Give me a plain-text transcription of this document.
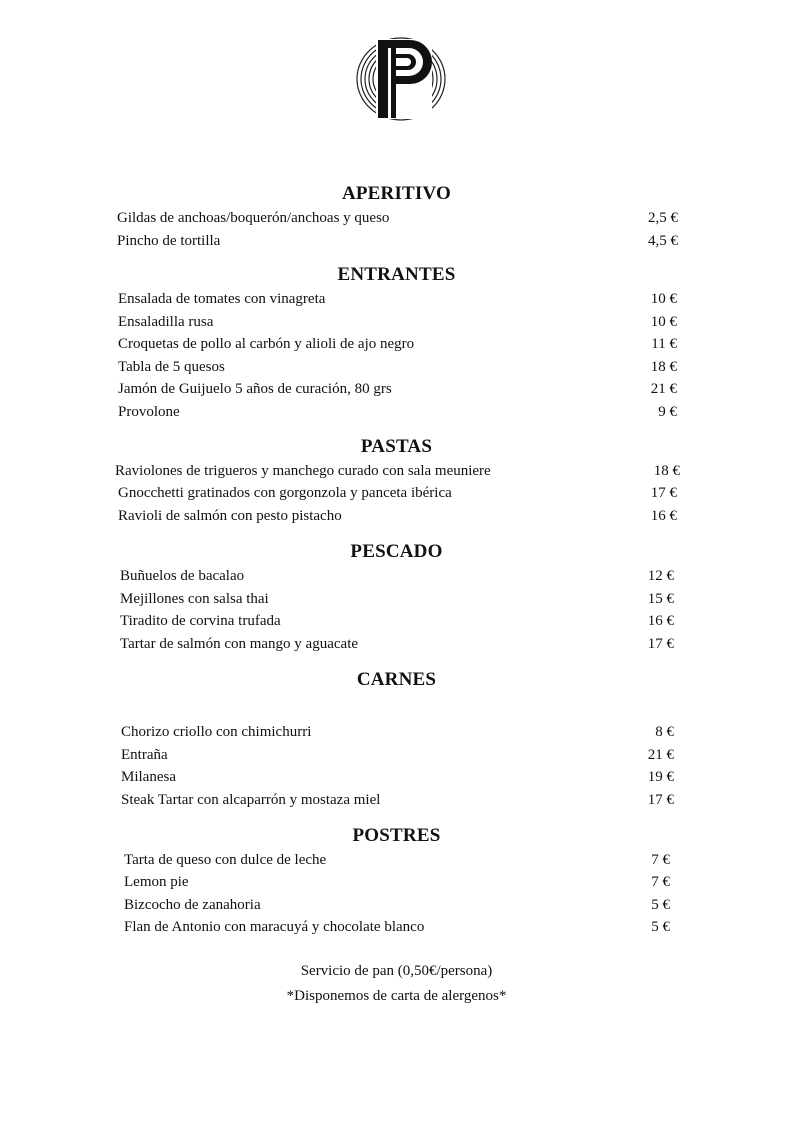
APERITIVO
Gildas de anchoas/boquerón/anchoas y queso	2,5 €
Pincho de tortilla	4,5 €
ENTRANTES
Ensalada de tomates con vinagreta	10 €
Ensaladilla rusa	10 €
Croquetas de pollo al carbón y alioli de ajo negro	11 €
Tabla de 5 quesos	18 €
Jamón de Guijuelo 5 años de curación, 80 grs	21 €
Provolone	9 €
PASTAS
Raviolones de trigueros y manchego curado con sala meuniere	18 €
Gnocchetti gratinados con gorgonzola y panceta ibérica	17 €
Ravioli de salmón con pesto pistacho	16 €
PESCADO
Buñuelos de bacalao	12 €
Mejillones con salsa thai	15 €
Tiradito de corvina trufada	16 €
Tartar de salmón con mango y aguacate	17 €
CARNES
Chorizo criollo con chimichurri	8 €
Entraña	21 €
Milanesa	19 €
Steak Tartar con alcaparrón y mostaza miel	17 €
POSTRES
Tarta de queso con dulce de leche	7 €
Lemon pie	7 €
Bizcocho de zanahoria	5 €
Flan de Antonio con maracuyá y chocolate blanco	5 €
Servicio de pan (0,50€/persona)
*Disponemos de carta de alergenos*
